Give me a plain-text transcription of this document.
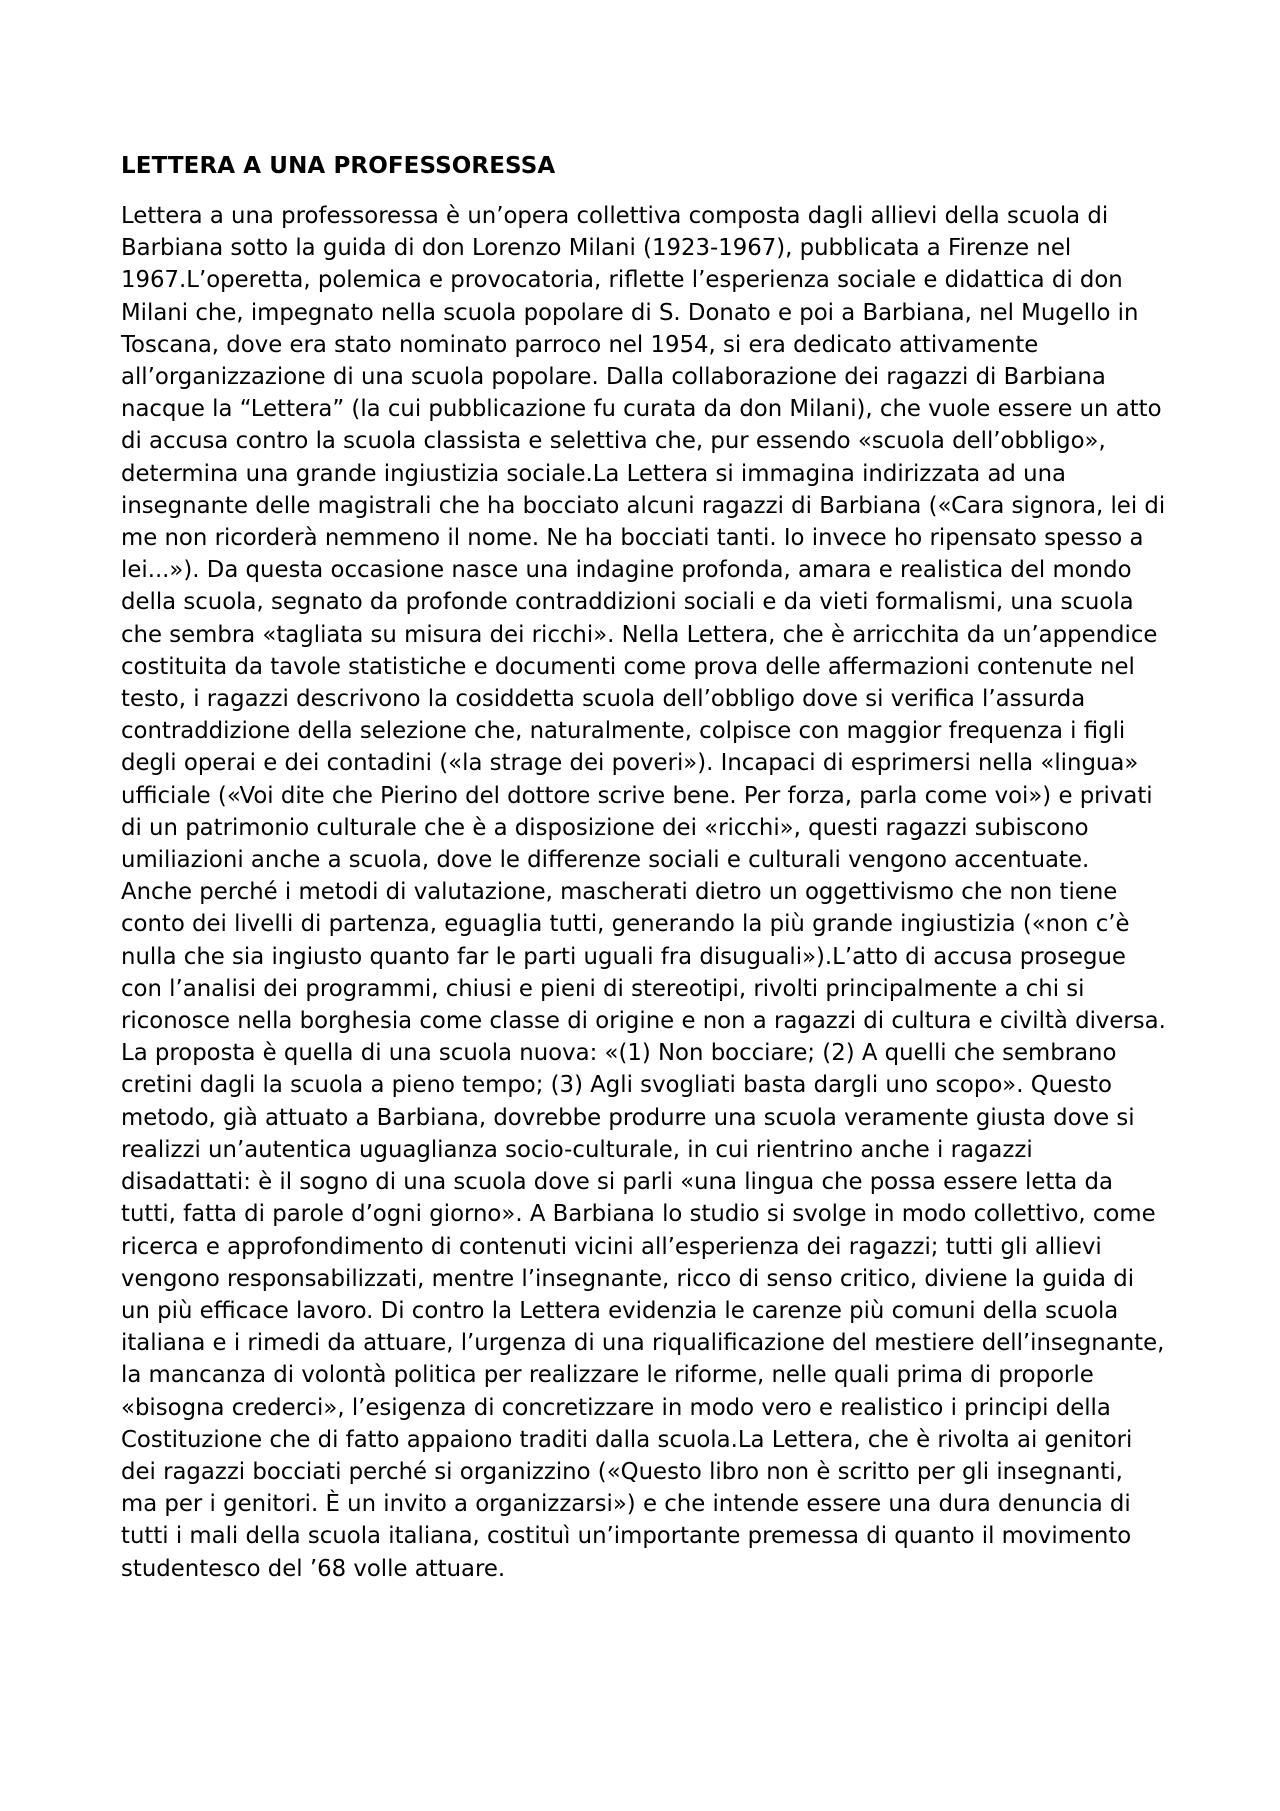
LETTERA A UNA PROFESSORESSA

Lettera a una professoressa è un’opera collettiva composta dagli allievi della scuola di Barbiana sotto la guida di don Lorenzo Milani (1923-1967), pubblicata a Firenze nel 1967.L’operetta, polemica e provocatoria, riflette l’esperienza sociale e didattica di don Milani che, impegnato nella scuola popolare di S. Donato e poi a Barbiana, nel Mugello in Toscana, dove era stato nominato parroco nel 1954, si era dedicato attivamente all’organizzazione di una scuola popolare. Dalla collaborazione dei ragazzi di Barbiana nacque la “Lettera” (la cui pubblicazione fu curata da don Milani), che vuole essere un atto di accusa contro la scuola classista e selettiva che, pur essendo «scuola dell’obbligo», determina una grande ingiustizia sociale.La Lettera si immagina indirizzata ad una insegnante delle magistrali che ha bocciato alcuni ragazzi di Barbiana («Cara signora, lei di me non ricorderà nemmeno il nome. Ne ha bocciati tanti. Io invece ho ripensato spesso a lei...»). Da questa occasione nasce una indagine profonda, amara e realistica del mondo della scuola, segnato da profonde contraddizioni sociali e da vieti formalismi, una scuola che sembra «tagliata su misura dei ricchi». Nella Lettera, che è arricchita da un’appendice costituita da tavole statistiche e documenti come prova delle affermazioni contenute nel testo, i ragazzi descrivono la cosiddetta scuola dell’obbligo dove si verifica l’assurda contraddizione della selezione che, naturalmente, colpisce con maggior frequenza i figli degli operai e dei contadini («la strage dei poveri»). Incapaci di esprimersi nella «lingua» ufficiale («Voi dite che Pierino del dottore scrive bene. Per forza, parla come voi») e privati di un patrimonio culturale che è a disposizione dei «ricchi», questi ragazzi subiscono umiliazioni anche a scuola, dove le differenze sociali e culturali vengono accentuate. Anche perché i metodi di valutazione, mascherati dietro un oggettivismo che non tiene conto dei livelli di partenza, eguaglia tutti, generando la più grande ingiustizia («non c’è nulla che sia ingiusto quanto far le parti uguali fra disuguali»).L’atto di accusa prosegue con l’analisi dei programmi, chiusi e pieni di stereotipi, rivolti principalmente a chi si riconosce nella borghesia come classe di origine e non a ragazzi di cultura e civiltà diversa. La proposta è quella di una scuola nuova: «(1) Non bocciare; (2) A quelli che sembrano cretini dagli la scuola a pieno tempo; (3) Agli svogliati basta dargli uno scopo». Questo metodo, già attuato a Barbiana, dovrebbe produrre una scuola veramente giusta dove si realizzi un’autentica uguaglianza socio-culturale, in cui rientrino anche i ragazzi disadattati: è il sogno di una scuola dove si parli «una lingua che possa essere letta da tutti, fatta di parole d’ogni giorno». A Barbiana lo studio si svolge in modo collettivo, come ricerca e approfondimento di contenuti vicini all’esperienza dei ragazzi; tutti gli allievi vengono responsabilizzati, mentre l’insegnante, ricco di senso critico, diviene la guida di un più efficace lavoro. Di contro la Lettera evidenzia le carenze più comuni della scuola italiana e i rimedi da attuare, l’urgenza di una riqualificazione del mestiere dell’insegnante, la mancanza di volontà politica per realizzare le riforme, nelle quali prima di proporle «bisogna crederci», l’esigenza di concretizzare in modo vero e realistico i principi della Costituzione che di fatto appaiono traditi dalla scuola.La Lettera, che è rivolta ai genitori dei ragazzi bocciati perché si organizzino («Questo libro non è scritto per gli insegnanti, ma per i genitori. È un invito a organizzarsi») e che intende essere una dura denuncia di tutti i mali della scuola italiana, costituì un’importante premessa di quanto il movimento studentesco del ’68 volle attuare.
